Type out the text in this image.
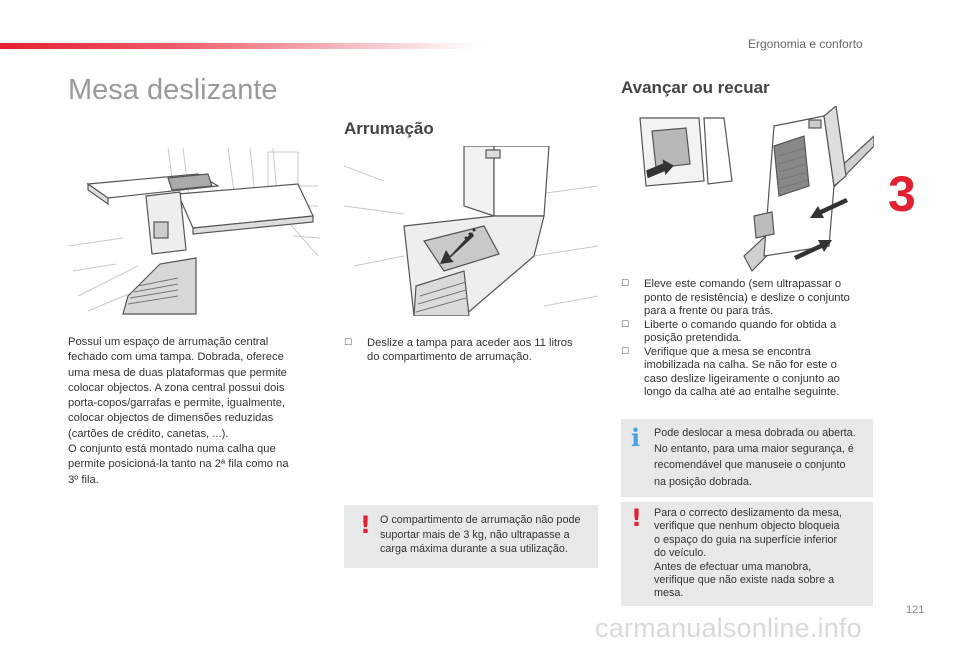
Ergonomia e conforto
3
Mesa deslizante
Possui um espaço de arrumação central
fechado com uma tampa. Dobrada, oferece
uma mesa de duas plataformas que permite
colocar objectos. A zona central possui dois
porta-copos/garrafas e permite, igualmente,
colocar objectos de dimensões reduzidas
(cartões de crédito, canetas, ...).
O conjunto está montado numa calha que
permite posicioná-la tanto na 2ª fila como na
3º fila.
Arrumação
☐ Deslize a tampa para aceder aos 11 litros
do compartimento de arrumação.
! O compartimento de arrumação não pode
suportar mais de 3 kg, não ultrapasse a
carga máxima durante a sua utilização.
Avançar ou recuar
☐ Eleve este comando (sem ultrapassar o
ponto de resistência) e deslize o conjunto
para a frente ou para trás.
☐ Liberte o comando quando for obtida a
posição pretendida.
☐ Verifique que a mesa se encontra
imobilizada na calha. Se não for este o
caso deslize ligeiramente o conjunto ao
longo da calha até ao entalhe seguinte.
i Pode deslocar a mesa dobrada ou aberta.
No entanto, para uma maior segurança, é
recomendável que manuseie o conjunto
na posição dobrada.
! Para o correcto deslizamento da mesa,
verifique que nenhum objecto bloqueia
o espaço do guia na superfície inferior
do veículo.
Antes de efectuar uma manobra,
verifique que não existe nada sobre a
mesa.
121
carmanualsonline.info
